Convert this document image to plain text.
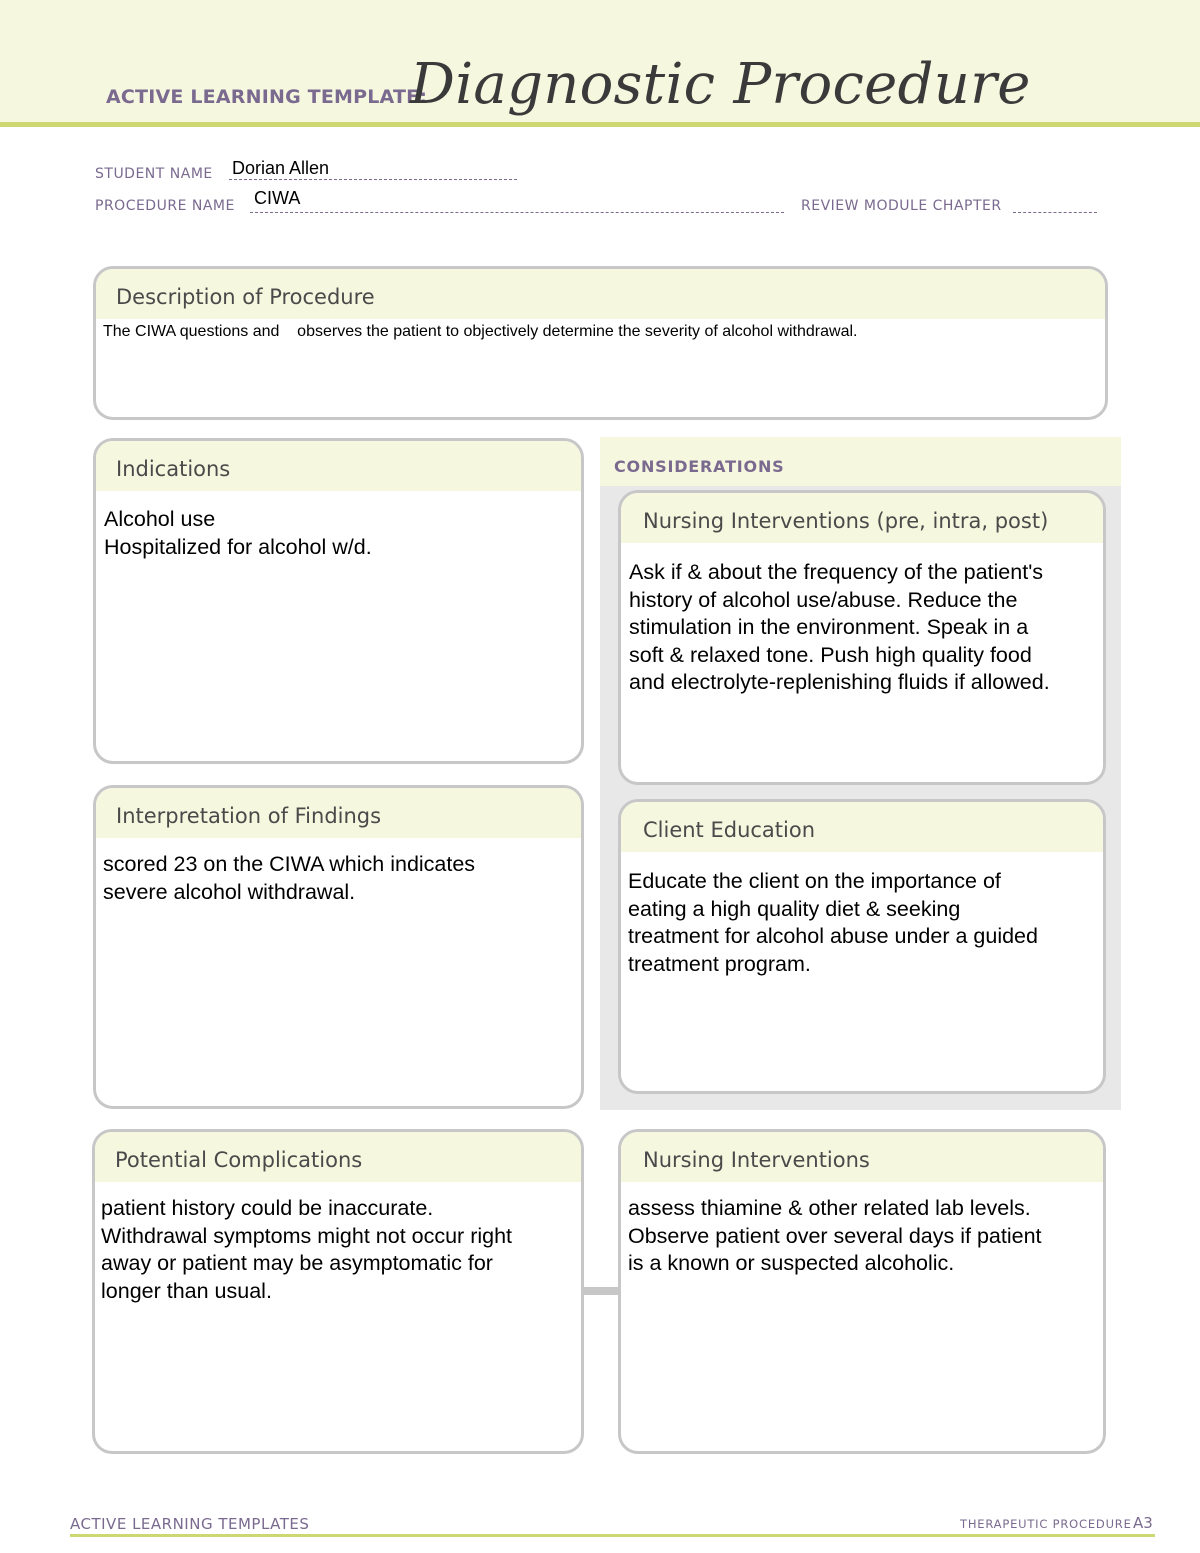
ACTIVE LEARNING TEMPLATE:
Diagnostic Procedure
STUDENT NAME Dorian Allen
PROCEDURE NAME CIWA	REVIEW MODULE CHAPTER
Description of Procedure
The CIWA questions and    observes the patient to objectively determine the severity of alcohol withdrawal.
Indications
Alcohol use
Hospitalized for alcohol w/d.
Interpretation of Findings
scored 23 on the CIWA which indicates
severe alcohol withdrawal.
CONSIDERATIONS
Nursing Interventions (pre, intra, post)
Ask if & about the frequency of the patient's
history of alcohol use/abuse. Reduce the
stimulation in the environment. Speak in a
soft & relaxed tone. Push high quality food
and electrolyte-replenishing fluids if allowed.
Client Education
Educate the client on the importance of
eating a high quality diet & seeking
treatment for alcohol abuse under a guided
treatment program.
Potential Complications
patient history could be inaccurate.
Withdrawal symptoms might not occur right
away or patient may be asymptomatic for
longer than usual.
Nursing Interventions
assess thiamine & other related lab levels.
Observe patient over several days if patient
is a known or suspected alcoholic.
ACTIVE LEARNING TEMPLATES	THERAPEUTIC PROCEDURE A3
